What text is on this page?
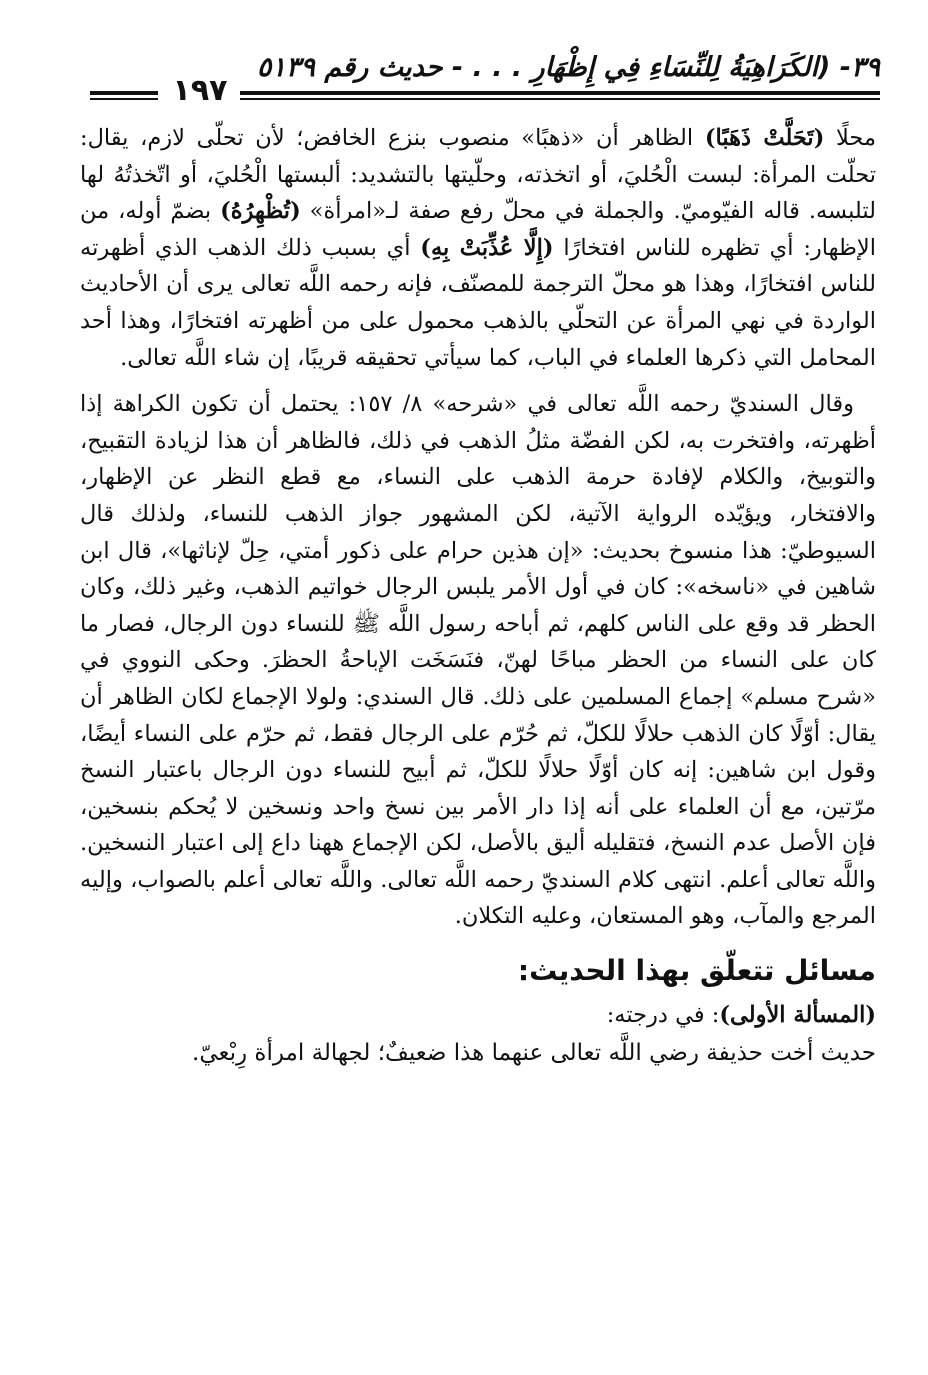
٣٩- (الكَرَاهِيَةُ لِلنِّسَاءِ فِي إِظْهَارِ . . . - حديث رقم ٥١٣٩
١٩٧

محلًا (تَحَلَّتْ ذَهَبًا) الظاهر أن «ذهبًا» منصوب بنزع الخافض؛ لأن تحلّى لازم، يقال: تحلّت المرأة: لبست الْحُليَ، أو اتخذته، وحلّيتها بالتشديد: ألبستها الْحُليَ، أو اتّخذتُهُ لها لتلبسه. قاله الفيّوميّ. والجملة في محلّ رفع صفة لـ«امرأة» (تُظْهِرُهُ) بضمّ أوله، من الإظهار: أي تظهره للناس افتخارًا (إِلَّا عُذِّبَتْ بِهِ) أي بسبب ذلك الذهب الذي أظهرته للناس افتخارًا، وهذا هو محلّ الترجمة للمصنّف، فإنه رحمه اللَّه تعالى يرى أن الأحاديث الواردة في نهي المرأة عن التحلّي بالذهب محمول على من أظهرته افتخارًا، وهذا أحد المحامل التي ذكرها العلماء في الباب، كما سيأتي تحقيقه قريبًا، إن شاء اللَّه تعالى.

وقال السنديّ رحمه اللَّه تعالى في «شرحه» ٨/ ١٥٧: يحتمل أن تكون الكراهة إذا أظهرته، وافتخرت به، لكن الفضّة مثلُ الذهب في ذلك، فالظاهر أن هذا لزيادة التقبيح، والتوبيخ، والكلام لإفادة حرمة الذهب على النساء، مع قطع النظر عن الإظهار، والافتخار، ويؤيّده الرواية الآتية، لكن المشهور جواز الذهب للنساء، ولذلك قال السيوطيّ: هذا منسوخ بحديث: «إن هذين حرام على ذكور أمتي، حِلّ لإناثها»، قال ابن شاهين في «ناسخه»: كان في أول الأمر يلبس الرجال خواتيم الذهب، وغير ذلك، وكان الحظر قد وقع على الناس كلهم، ثم أباحه رسول اللَّه ﷺ للنساء دون الرجال، فصار ما كان على النساء من الحظر مباحًا لهنّ، فنَسَخَت الإباحةُ الحظرَ. وحكى النووي في «شرح مسلم» إجماع المسلمين على ذلك. قال السندي: ولولا الإجماع لكان الظاهر أن يقال: أوّلًا كان الذهب حلالًا للكلّ، ثم حُرّم على الرجال فقط، ثم حرّم على النساء أيضًا، وقول ابن شاهين: إنه كان أوّلًا حلالًا للكلّ، ثم أبيح للنساء دون الرجال باعتبار النسخ مرّتين، مع أن العلماء على أنه إذا دار الأمر بين نسخ واحد ونسخين لا يُحكم بنسخين، فإن الأصل عدم النسخ، فتقليله أليق بالأصل، لكن الإجماع ههنا داع إلى اعتبار النسخين. واللَّه تعالى أعلم. انتهى كلام السنديّ رحمه اللَّه تعالى. واللَّه تعالى أعلم بالصواب، وإليه المرجع والمآب، وهو المستعان، وعليه التكلان.

مسائل تتعلّق بهذا الحديث:

(المسألة الأولى): في درجته:

حديث أخت حذيفة رضي اللَّه تعالى عنهما هذا ضعيفٌ؛ لجهالة امرأة رِبْعيّ.
